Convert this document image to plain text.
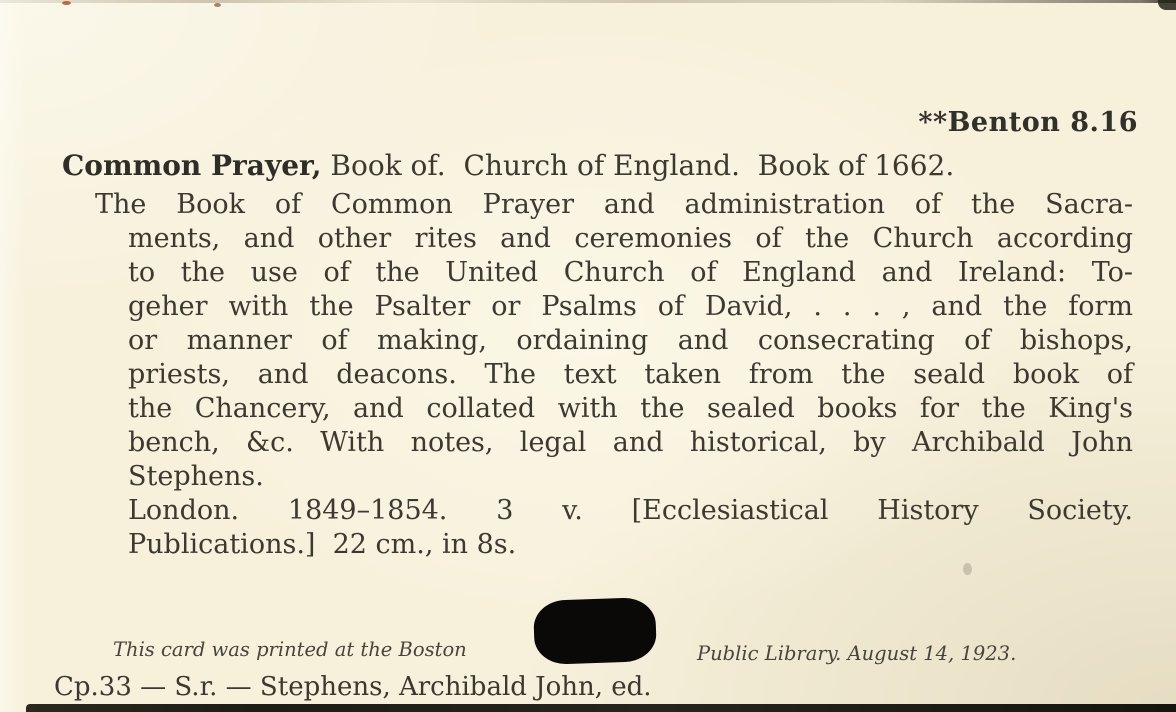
**Benton 8.16
Common Prayer, Book of.  Church of England.  Book of 1662.
The Book of Common Prayer and administration of the Sacra-
ments, and other rites and ceremonies of the Church according
to the use of the United Church of England and Ireland: To-
geher with the Psalter or Psalms of David, . . . , and the form
or manner of making, ordaining and consecrating of bishops,
priests, and deacons. The text taken from the seald book of
the Chancery, and collated with the sealed books for the King's
bench, &c. With notes, legal and historical, by Archibald John
Stephens.
London. 1849–1854. 3 v. [Ecclesiastical History Society.
Publications.]  22 cm., in 8s.
This card was printed at the Boston	Public Library. August 14, 1923.
Cp.33 — S.r. — Stephens, Archibald John, ed.
